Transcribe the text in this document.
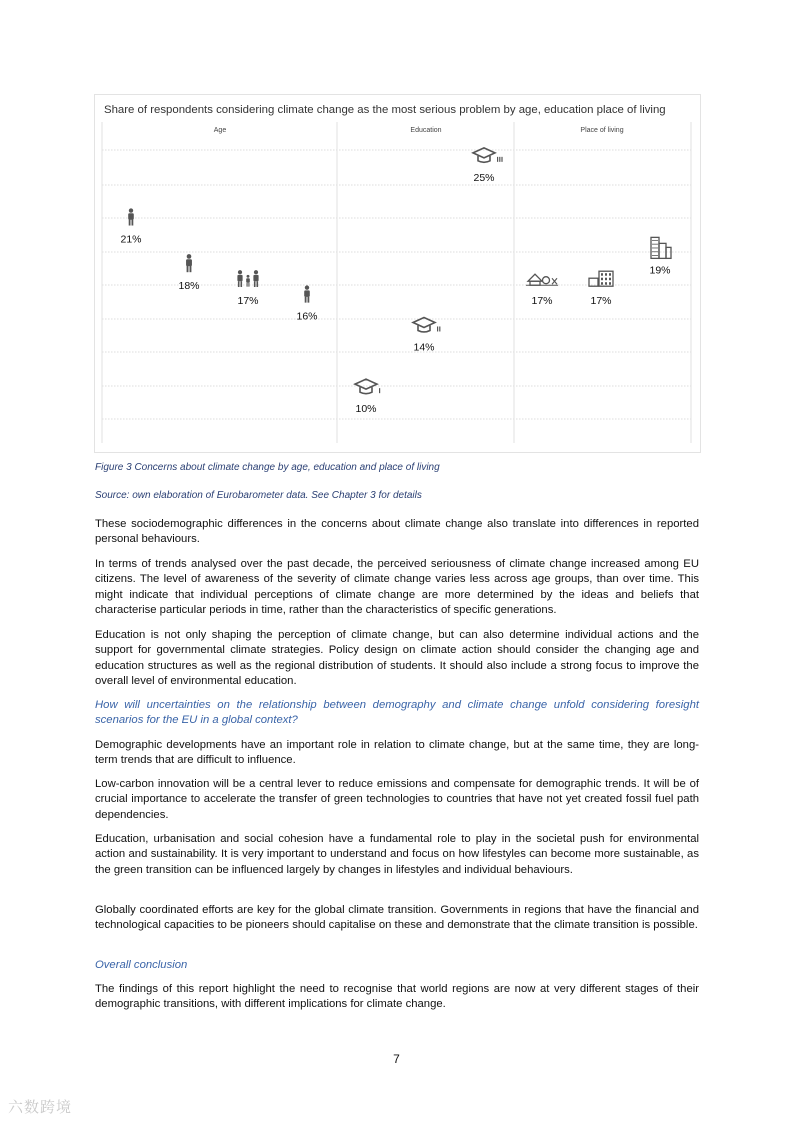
Share of respondents considering climate change as the most serious problem by age, education place of living
Age	Education	Place of living
21%
18%
17%
16%
10%
14%
25%
17%	17%
19%
Figure 3 Concerns about climate change by age, education and place of living
Source: own elaboration of Eurobarometer data. See Chapter 3 for details
These sociodemographic differences in the concerns about climate change also translate into differences in reported personal behaviours.
In terms of trends analysed over the past decade, the perceived seriousness of climate change increased among EU citizens. The level of awareness of the severity of climate change varies less across age groups, than over time. This might indicate that individual perceptions of climate change are more determined by the ideas and beliefs that characterise particular periods in time, rather than the characteristics of specific generations.
Education is not only shaping the perception of climate change, but can also determine individual actions and the support for governmental climate strategies. Policy design on climate action should consider the changing age and education structures as well as the regional distribution of students. It should also include a strong focus to improve the overall level of environmental education.
How will uncertainties on the relationship between demography and climate change unfold considering foresight scenarios for the EU in a global context?
Demographic developments have an important role in relation to climate change, but at the same time, they are long-term trends that are difficult to influence.
Low-carbon innovation will be a central lever to reduce emissions and compensate for demographic trends. It will be of crucial importance to accelerate the transfer of green technologies to countries that have not yet created fossil fuel path dependencies.
Education, urbanisation and social cohesion have a fundamental role to play in the societal push for environmental action and sustainability. It is very important to understand and focus on how lifestyles can become more sustainable, as the green transition can be influenced largely by changes in lifestyles and individual behaviours.
Globally coordinated efforts are key for the global climate transition. Governments in regions that have the financial and technological capacities to be pioneers should capitalise on these and demonstrate that the climate transition is possible.
Overall conclusion
The findings of this report highlight the need to recognise that world regions are now at very different stages of their demographic transitions, with different implications for climate change.
7
六数跨境
